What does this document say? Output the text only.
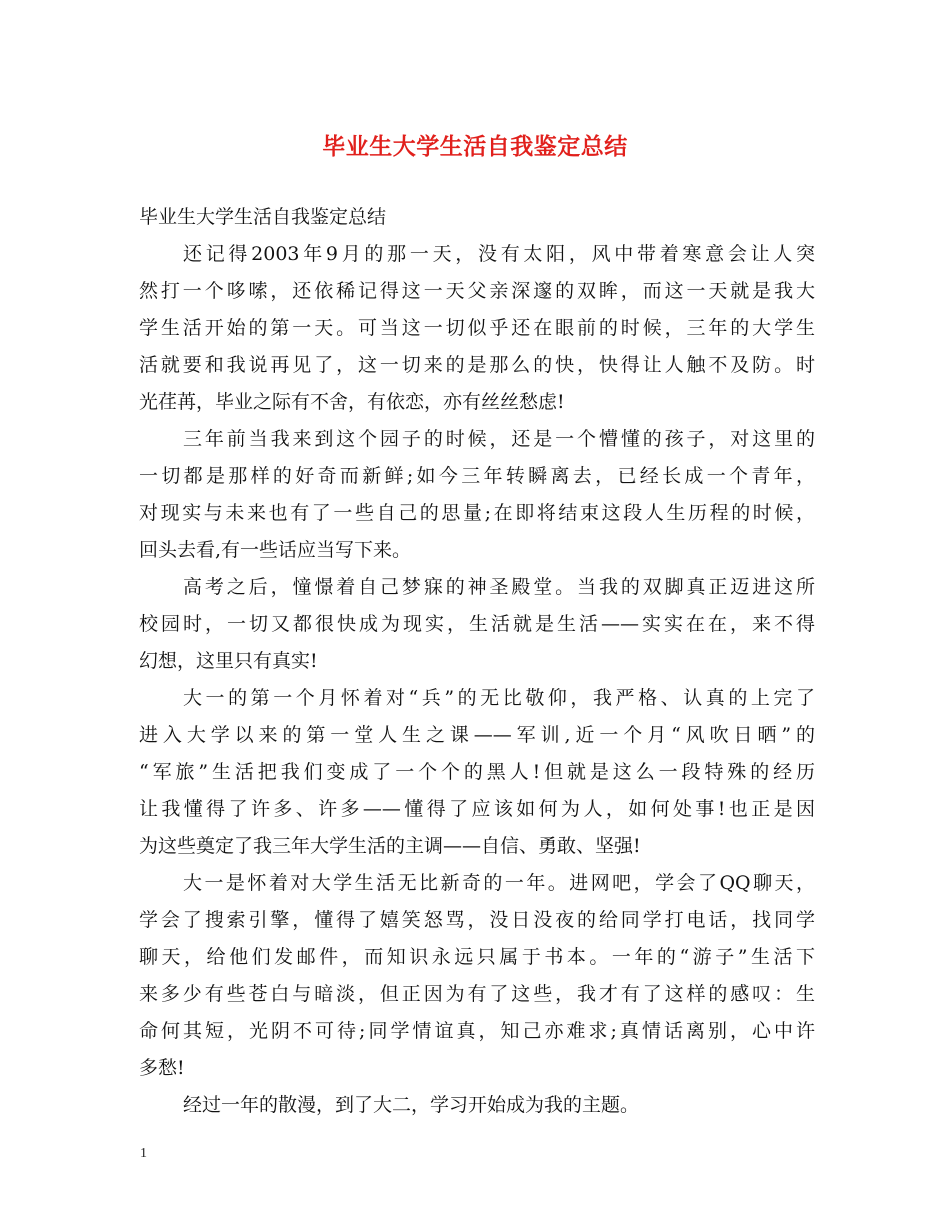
毕业生大学生活自我鉴定总结
毕业生大学生活自我鉴定总结
还记得2003年9月的那一天，没有太阳，风中带着寒意会让人突
然打一个哆嗦，还依稀记得这一天父亲深邃的双眸，而这一天就是我大
学生活开始的第一天。可当这一切似乎还在眼前的时候，三年的大学生
活就要和我说再见了，这一切来的是那么的快，快得让人触不及防。时
光荏苒，毕业之际有不舍，有依恋，亦有丝丝愁虑!
三年前当我来到这个园子的时候，还是一个懵懂的孩子，对这里的
一切都是那样的好奇而新鲜;如今三年转瞬离去，已经长成一个青年，
对现实与未来也有了一些自己的思量;在即将结束这段人生历程的时候，
回头去看,有一些话应当写下来。
高考之后，憧憬着自己梦寐的神圣殿堂。当我的双脚真正迈进这所
校园时，一切又都很快成为现实，生活就是生活——实实在在，来不得
幻想，这里只有真实!
大一的第一个月怀着对“兵”的无比敬仰，我严格、认真的上完了
进入大学以来的第一堂人生之课——军训,近一个月“风吹日晒”的
“军旅”生活把我们变成了一个个的黑人!但就是这么一段特殊的经历
让我懂得了许多、许多——懂得了应该如何为人，如何处事!也正是因
为这些奠定了我三年大学生活的主调——自信、勇敢、坚强!
大一是怀着对大学生活无比新奇的一年。进网吧，学会了QQ聊天，
学会了搜索引擎，懂得了嬉笑怒骂，没日没夜的给同学打电话，找同学
聊天，给他们发邮件，而知识永远只属于书本。一年的“游子”生活下
来多少有些苍白与暗淡，但正因为有了这些，我才有了这样的感叹：生
命何其短，光阴不可待;同学情谊真，知己亦难求;真情话离别，心中许
多愁!
经过一年的散漫，到了大二，学习开始成为我的主题。
1
